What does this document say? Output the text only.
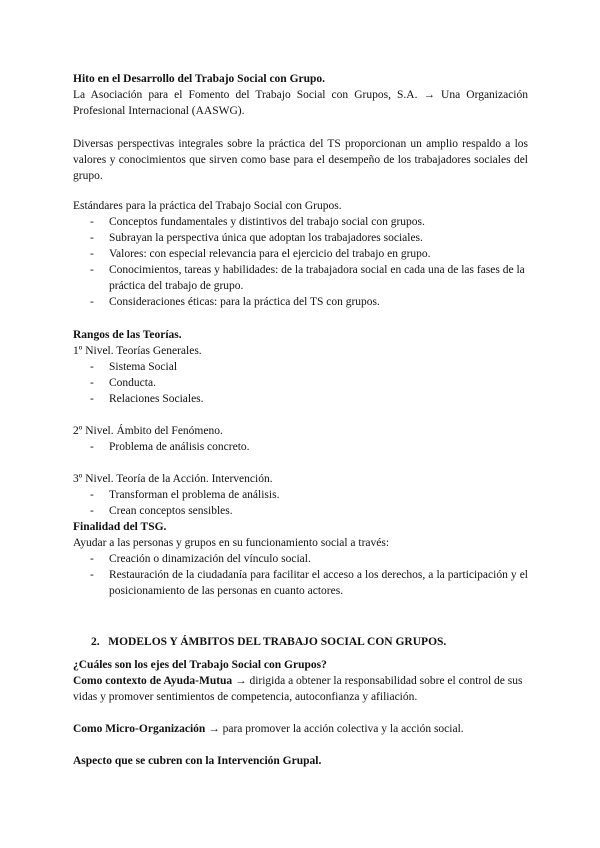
Hito en el Desarrollo del Trabajo Social con Grupo.

La Asociación para el Fomento del Trabajo Social con Grupos, S.A. → Una Organización Profesional Internacional (AASWG).

Diversas perspectivas integrales sobre la práctica del TS proporcionan un amplio respaldo a los valores y conocimientos que sirven como base para el desempeño de los trabajadores sociales del grupo.

Estándares para la práctica del Trabajo Social con Grupos.

-	Conceptos fundamentales y distintivos del trabajo social con grupos.

-	Subrayan la perspectiva única que adoptan los trabajadores sociales.

-	Valores: con especial relevancia para el ejercicio del trabajo en grupo.

-	Conocimientos, tareas y habilidades: de la trabajadora social en cada una de las fases de la práctica del trabajo de grupo.

-	Consideraciones éticas: para la práctica del TS con grupos.

Rangos de las Teorías.

1º Nivel. Teorías Generales.

-	Sistema Social

-	Conducta.

-	Relaciones Sociales.

2º Nivel. Ámbito del Fenómeno.

-	Problema de análisis concreto.

3º Nivel. Teoría de la Acción. Intervención.

-	Transforman el problema de análisis.

-	Crean conceptos sensibles.

Finalidad del TSG.

Ayudar a las personas y grupos en su funcionamiento social a través:

-	Creación o dinamización del vínculo social.

-	Restauración de la ciudadanía para facilitar el acceso a los derechos, a la participación y el posicionamiento de las personas en cuanto actores.

2. MODELOS Y ÁMBITOS DEL TRABAJO SOCIAL CON GRUPOS.

¿Cuáles son los ejes del Trabajo Social con Grupos?

Como contexto de Ayuda-Mutua → dirigida a obtener la responsabilidad sobre el control de sus vidas y promover sentimientos de competencia, autoconfianza y afiliación.

Como Micro-Organización → para promover la acción colectiva y la acción social.

Aspecto que se cubren con la Intervención Grupal.
